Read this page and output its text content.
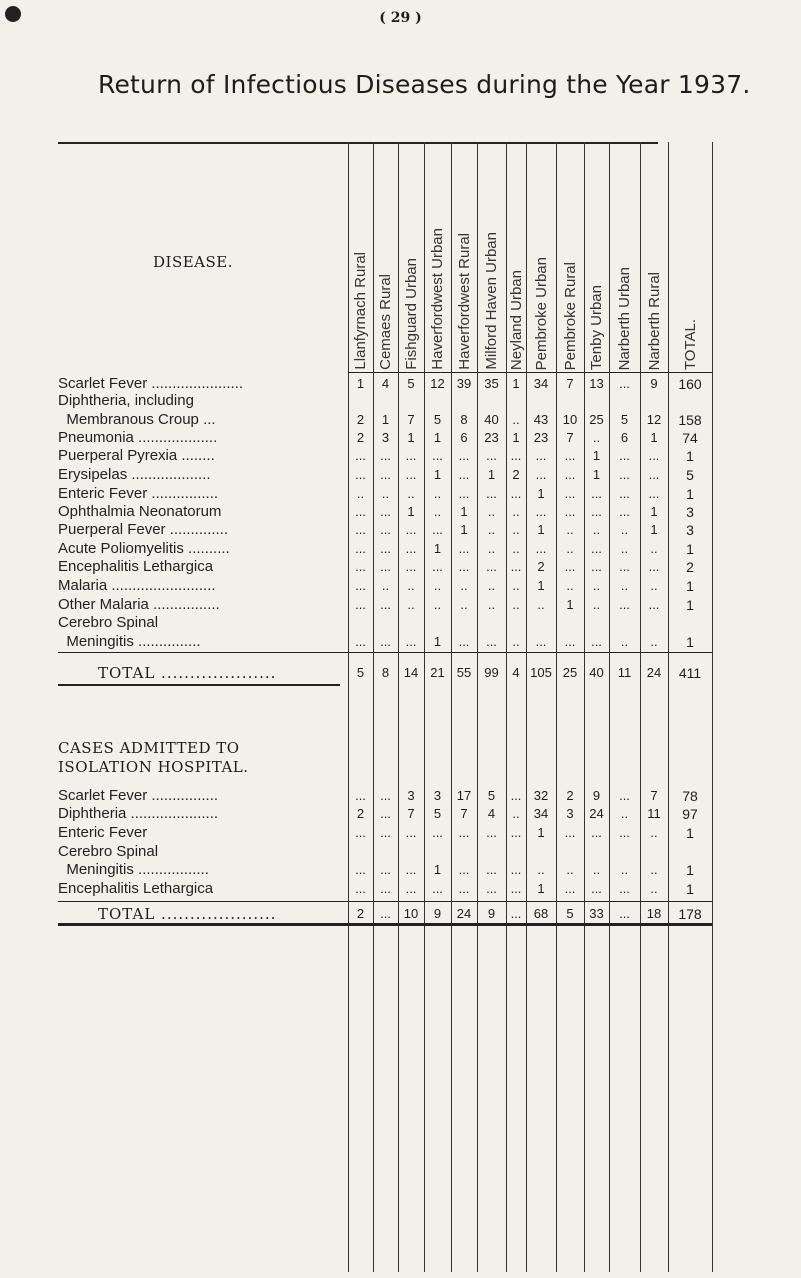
( 29 )
Return of Infectious Diseases during the Year 1937.
DISEASE.	Llanfyrnach Rural Cemaes Rural Fishguard Urban Haverfordwest Urban Haverfordwest Rural Milford Haven Urban Neyland Urban Pembroke Urban Pembroke Rural Tenby Urban Narberth Urban Narberth Rural TOTAL.
Scarlet Fever ......................	1	4	5	12 39	35	1	34	7	13	...	9	160
Diphtheria, including
Membranous Croup ...	2	1	7	5	8	40	..	43	10 25	5	12	158
Pneumonia ...................	2	3	1	1	6	23	1	23	7	..	6	1	74
Puerperal Pyrexia ........	...	...	...	...	...	...	...	...	...	1	...	...	1
Erysipelas ...................	...	...	...	1	...	1	2	...	...	1	...	...	5
Enteric Fever ................	..	..	..	..	...	...	...	1	...	...	...	...	1
Ophthalmia Neonatorum	...	...	1	..	1	..	..	...	...	...	...	1	3
Puerperal Fever ..............	...	...	...	...	1	..	..	1	..	..	..	1	3
Acute Poliomyelitis ..........	...	...	...	1	...	..	..	...	..	...	..	..	1
Encephalitis Lethargica	...	...	...	...	...	...	...	2	...	...	...	...	2
Malaria .........................	...	..	..	..	..	..	..	1	..	..	..	..	1
Other Malaria ................	...	...	..	..	..	..	..	..	1	..	...	...	1
Cerebro Spinal
Meningitis ...............	...	...	...	1	...	...	..	...	...	...	..	..	1
TOTAL ....................	5	8	14 21 55	99	4 105 25 40	11	24	411
CASES ADMITTED TO
ISOLATION HOSPITAL.
Scarlet Fever ................	...	...	3	3	17	5	... 32	2	9	...	7	78
Diphtheria .....................	2	...	7	5	7	4	..	34	3	24	..	11	97
Enteric Fever	...	...	...	...	...	...	...	1	...	...	...	..	1
Cerebro Spinal
Meningitis .................	...	...	...	1	...	...	...	..	..	..	..	..	1
Encephalitis Lethargica	...	...	...	...	...	...	...	1	...	...	...	..	1
TOTAL ....................	2	... 10	9	24	9	... 68	5	33	...	18	178
